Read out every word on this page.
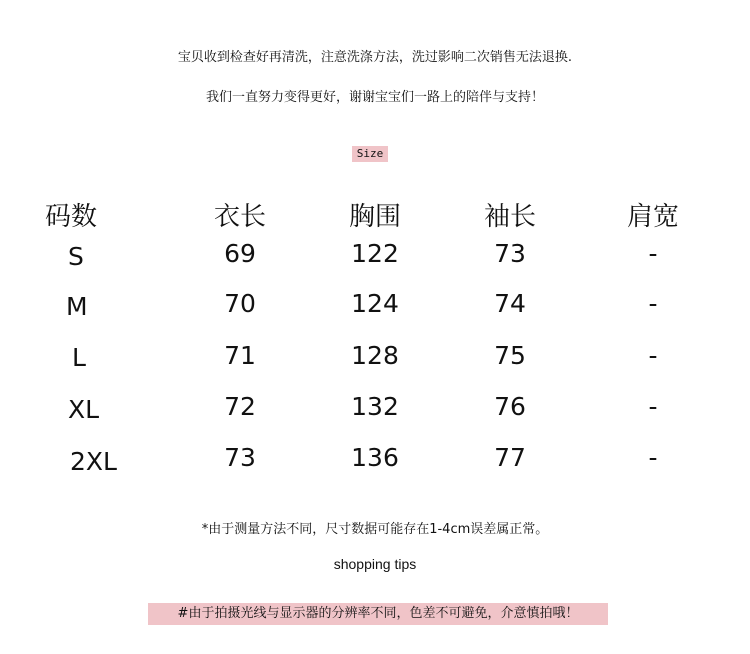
宝贝收到检查好再清洗，注意洗涤方法，洗过影响二次销售无法退换.
我们一直努力变得更好，谢谢宝宝们一路上的陪伴与支持！
Size
码数	衣长	胸围	袖长	肩宽
S	69	122	73	-
M	70	124	74	-
L	71	128	75	-
XL	72	132	76	-
2XL	73	136	77	-
*由于测量方法不同，尺寸数据可能存在1-4cm误差属正常。
shopping tips
#由于拍摄光线与显示器的分辨率不同，色差不可避免，介意慎拍哦！
